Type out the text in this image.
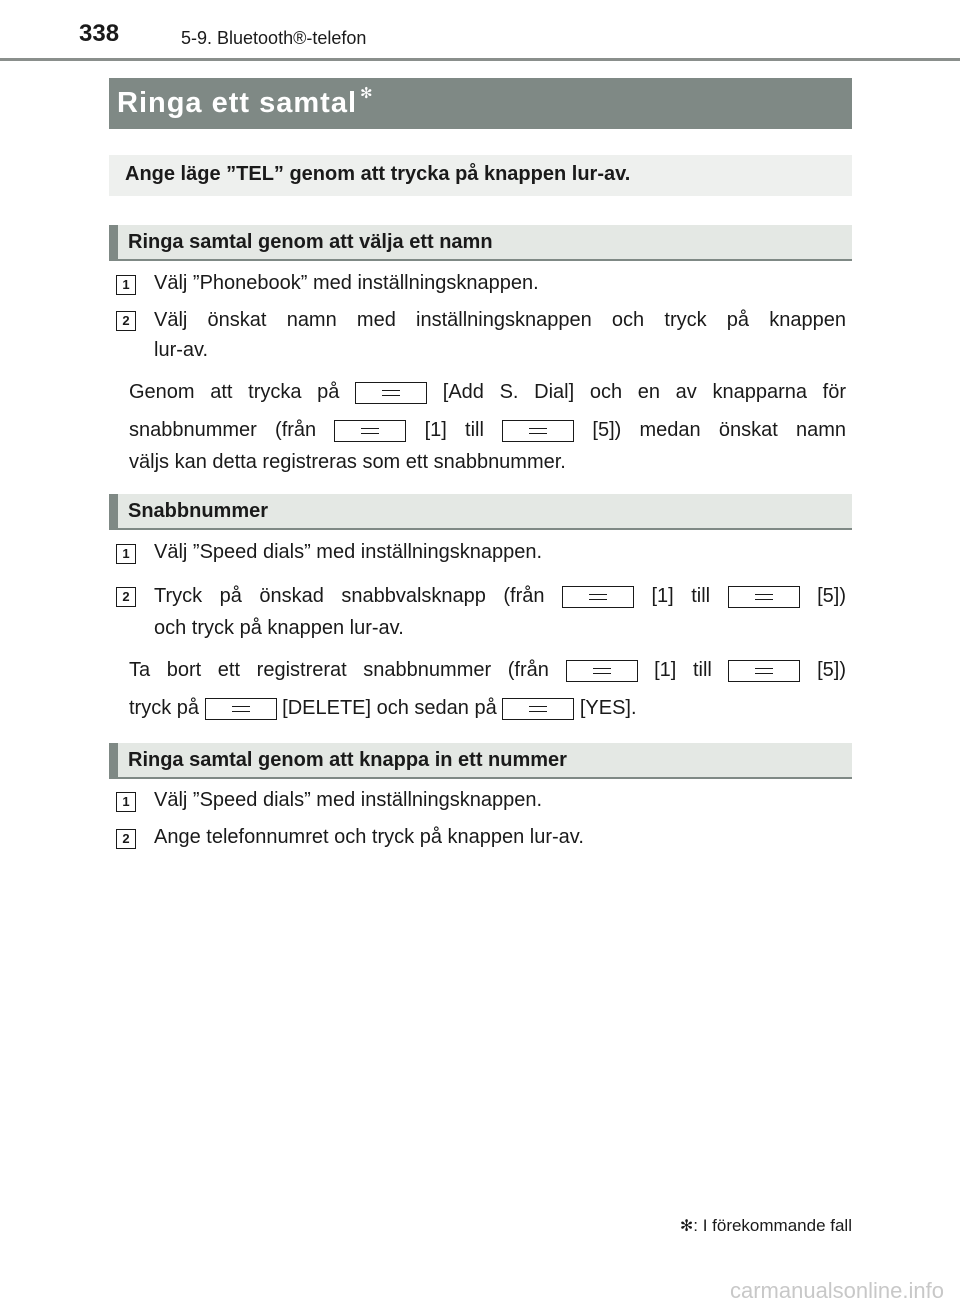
338	5-9. Bluetooth®-telefon
Ringa ett samtal ✻
Ange läge ”TEL” genom att trycka på knappen lur-av.
Ringa samtal genom att välja ett namn
1	Välj ”Phonebook” med inställningsknappen.
2	Välj önskat namn med inställningsknappen och tryck på knappen
lur-av.
Genom att trycka på	[Add S. Dial] och en av knapparna för
snabbnummer (från	[1] till	[5]) medan önskat namn
väljs kan detta registreras som ett snabbnummer.
Snabbnummer
1	Välj ”Speed dials” med inställningsknappen.
2	Tryck på önskad snabbvalsknapp (från	[1] till	[5])
och tryck på knappen lur-av.
Ta bort ett registrerat snabbnummer (från	[1] till	[5])
tryck på	[DELETE] och sedan på	[YES].
Ringa samtal genom att knappa in ett nummer
1	Välj ”Speed dials” med inställningsknappen.
2	Ange telefonnumret och tryck på knappen lur-av.
✻: I förekommande fall
carmanualsonline.info
